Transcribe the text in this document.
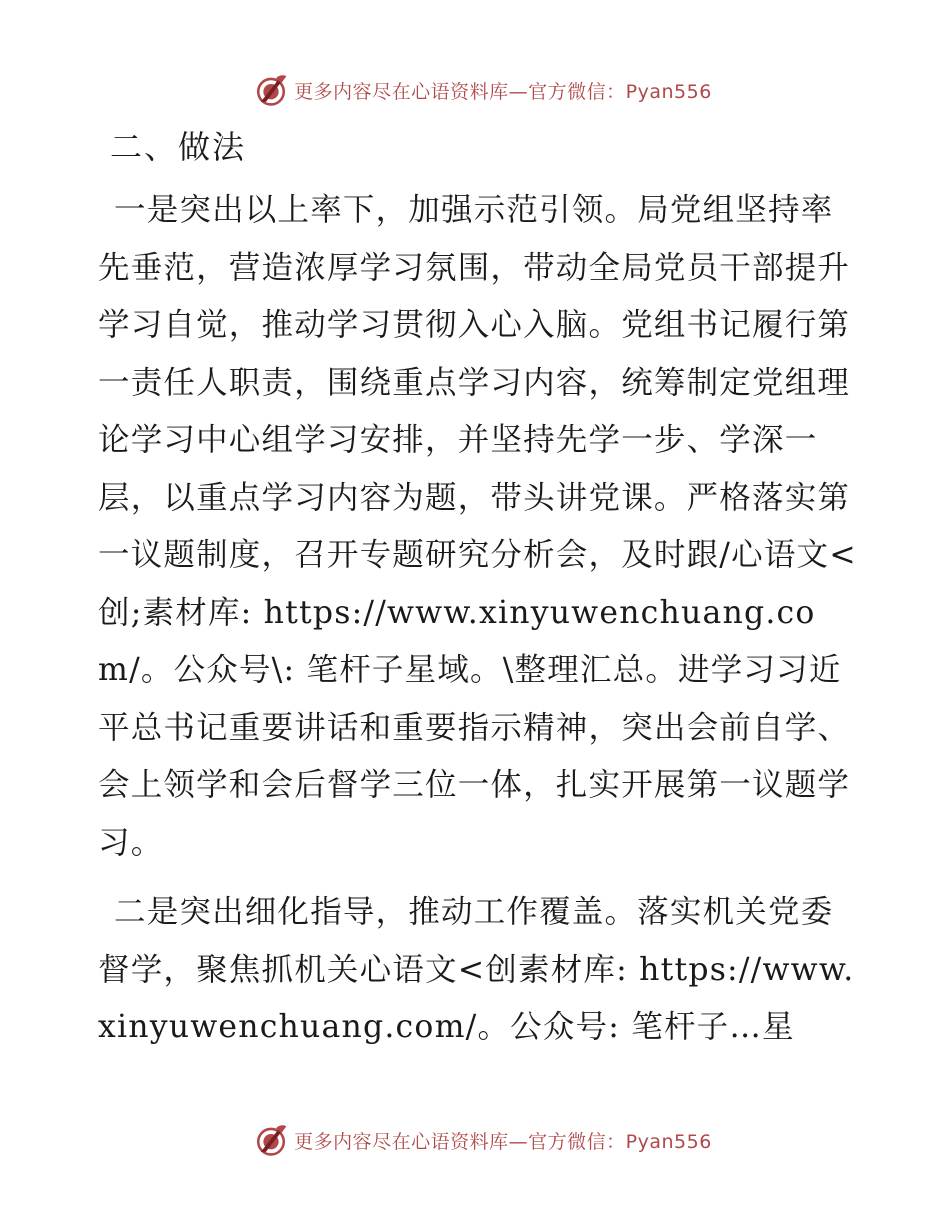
更多内容尽在心语资料库—官方微信：Pyan556
二、做法

一是突出以上率下，加强示范引领。局党组坚持率先垂范，营造浓厚学习氛围，带动全局党员干部提升学习自觉，推动学习贯彻入心入脑。党组书记履行第一责任人职责，围绕重点学习内容，统筹制定党组理论学习中心组学习安排，并坚持先学一步、学深一层，以重点学习内容为题，带头讲党课。严格落实第一议题制度，召开专题研究分析会，及时跟/心语文<创;素材库: https://www.xinyuwenchuang.com/。公众号\: 笔杆子星域。\整理汇总。进学习习近平总书记重要讲话和重要指示精神，突出会前自学、会上领学和会后督学三位一体，扎实开展第一议题学习。

二是突出细化指导，推动工作覆盖。落实机关党委督学，聚焦抓机关心语文<创素材库: https://www.xinyuwenchuang.com/。公众号: 笔杆子…星

更多内容尽在心语资料库—官方微信：Pyan556
